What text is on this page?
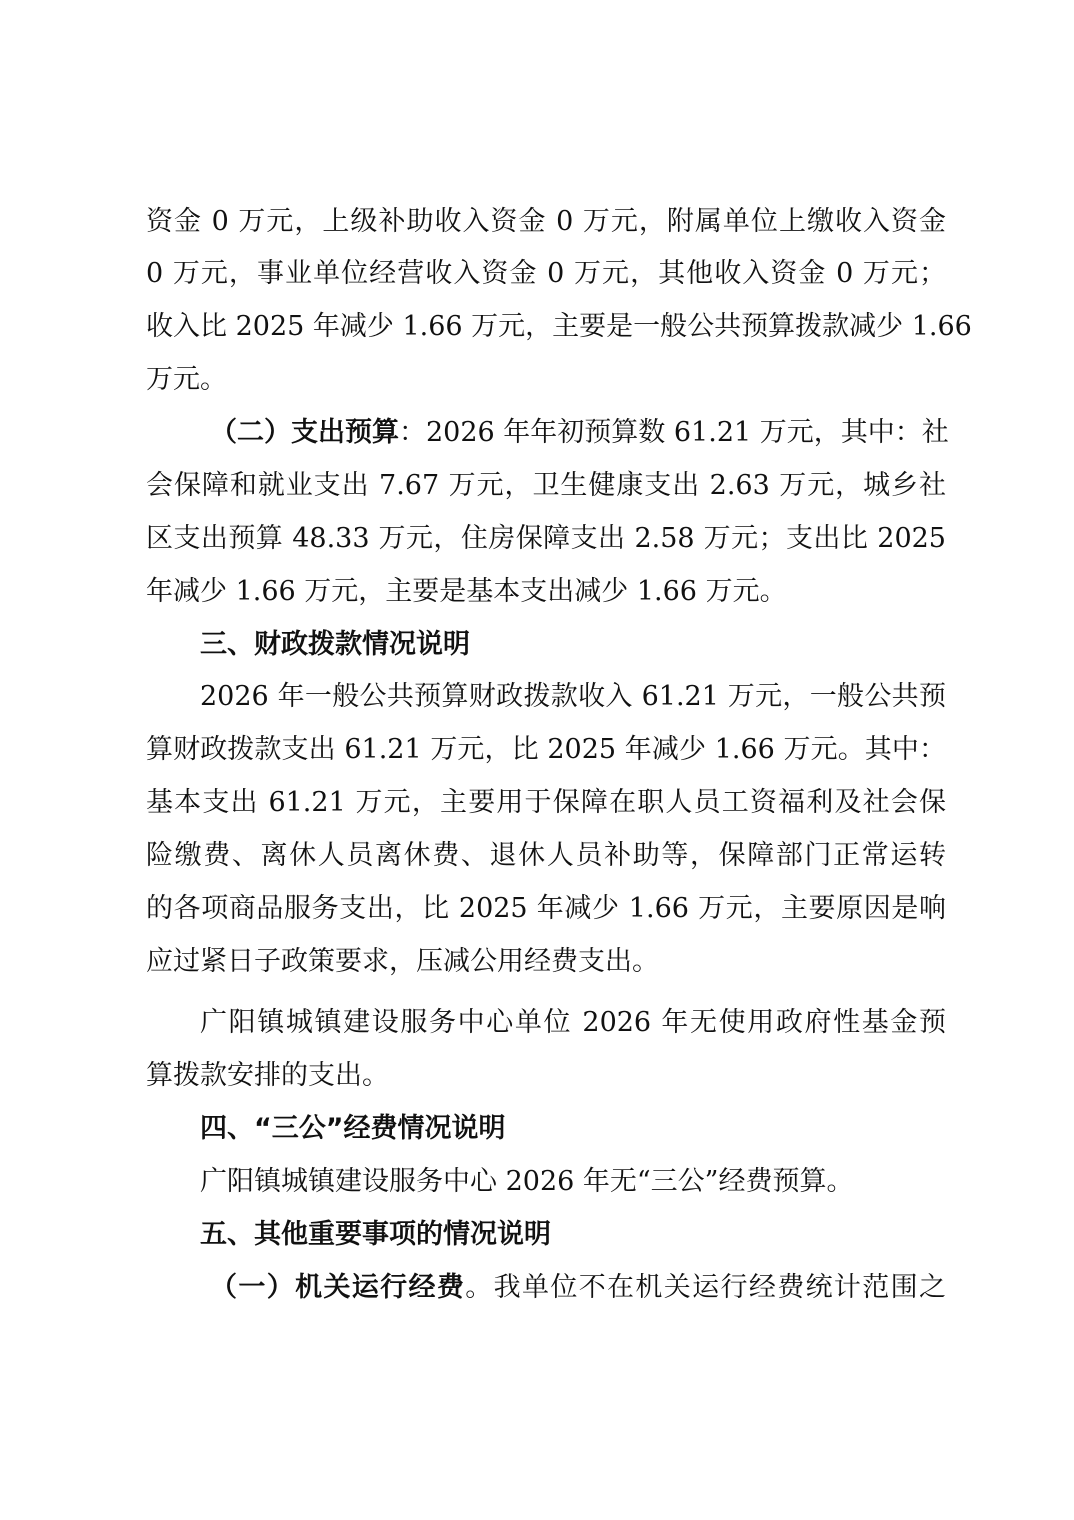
资金 0 万元，上级补助收入资金 0 万元，附属单位上缴收入资金
0 万元，事业单位经营收入资金 0 万元，其他收入资金 0 万元；
收入比 2025 年减少 1.66 万元，主要是一般公共预算拨款减少 1.66
万元。
（二）支出预算：2026 年年初预算数 61.21 万元，其中：社
会保障和就业支出 7.67 万元，卫生健康支出 2.63 万元，城乡社
区支出预算 48.33 万元，住房保障支出 2.58 万元；支出比 2025
年减少 1.66 万元，主要是基本支出减少 1.66 万元。
三、财政拨款情况说明
2026 年一般公共预算财政拨款收入 61.21 万元，一般公共预
算财政拨款支出 61.21 万元，比 2025 年减少 1.66 万元。其中：
基本支出 61.21 万元，主要用于保障在职人员工资福利及社会保
险缴费、离休人员离休费、退休人员补助等，保障部门正常运转
的各项商品服务支出，比 2025 年减少 1.66 万元，主要原因是响
应过紧日子政策要求，压减公用经费支出。
广阳镇城镇建设服务中心单位 2026 年无使用政府性基金预
算拨款安排的支出。
四、“三公”经费情况说明
广阳镇城镇建设服务中心 2026 年无“三公”经费预算。
五、其他重要事项的情况说明
（一）机关运行经费。我单位不在机关运行经费统计范围之
